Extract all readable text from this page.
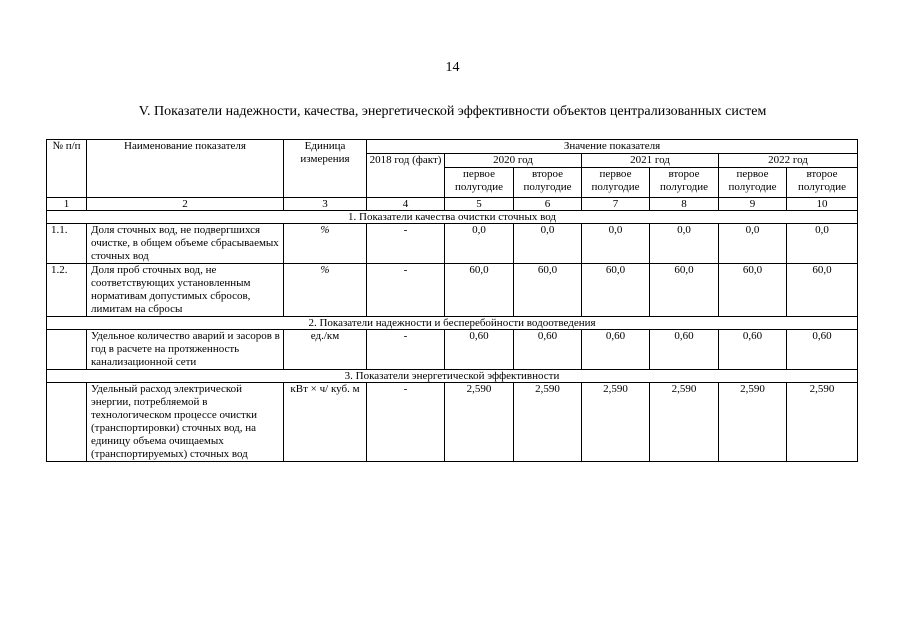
14
V. Показатели надежности, качества, энергетической эффективности объектов централизованных систем
№ п/п	Наименование показателя	Единица измерения	Значение показателя						
			2018 год (факт)	2020 год		2021 год		2022 год	
				первое полугодие	второе полугодие	первое полугодие	второе полугодие	первое полугодие	второе полугодие
1	2	3	4	5	6	7	8	9	10
1. Показатели качества очистки сточных вод									
1.1.	Доля сточных вод, не подвергшихся очистке, в общем объеме сбрасываемых сточных вод	%	-	0,0	0,0	0,0	0,0	0,0	0,0
1.2.	Доля проб сточных вод, не соответствующих установленным нормативам допустимых сбросов, лимитам на сбросы	%	-	60,0	60,0	60,0	60,0	60,0	60,0
2. Показатели надежности и бесперебойности водоотведения									
	Удельное количество аварий и засоров в год в расчете на протяженность канализационной сети	ед./км	-	0,60	0,60	0,60	0,60	0,60	0,60
3. Показатели энергетической эффективности									
	Удельный расход электрической энергии, потребляемой в технологическом процессе очистки (транспортировки) сточных вод, на единицу объема очищаемых (транспортируемых) сточных вод	кВт × ч/ куб. м	-	2,590	2,590	2,590	2,590	2,590	2,590
